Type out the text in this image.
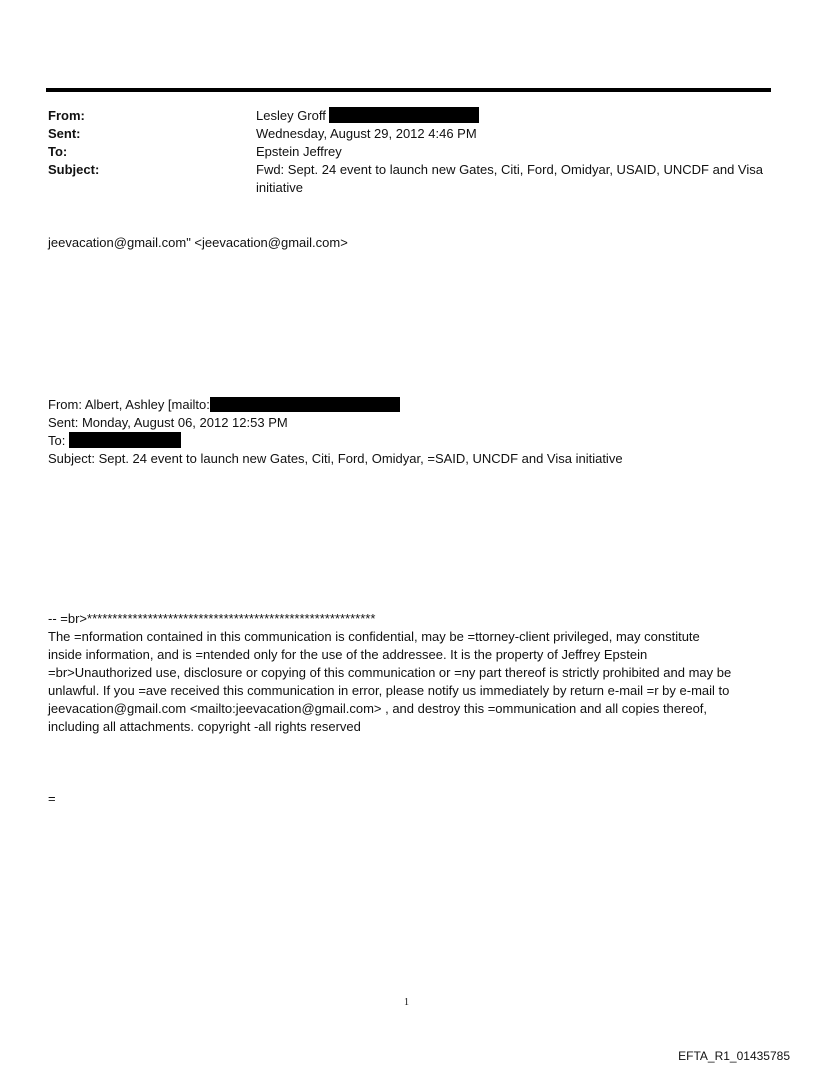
From:	Lesley Groff
Sent:	Wednesday, August 29, 2012 4:46 PM
To:	Epstein Jeffrey
Subject:	Fwd: Sept. 24 event to launch new Gates, Citi, Ford, Omidyar, USAID, UNCDF and Visa initiative
jeevacation@gmail.com" <jeevacation@gmail.com>
From: Albert, Ashley [mailto:
Sent: Monday, August 06, 2012 12:53 PM
To:
Subject: Sept. 24 event to launch new Gates, Citi, Ford, Omidyar, =SAID, UNCDF and Visa initiative
-- =br>*********************************************************
The =nformation contained in this communication is confidential, may be =ttorney-client privileged, may constitute
inside information, and is =ntended only for the use of the addressee. It is the property of Jeffrey Epstein
=br>Unauthorized use, disclosure or copying of this communication or =ny part thereof is strictly prohibited and may be
unlawful. If you =ave received this communication in error, please notify us immediately by return e-mail =r by e-mail to
jeevacation@gmail.com <mailto:jeevacation@gmail.com> , and destroy this =ommunication and all copies thereof,
including all attachments. copyright -all rights reserved
=
1
EFTA_R1_01435785
